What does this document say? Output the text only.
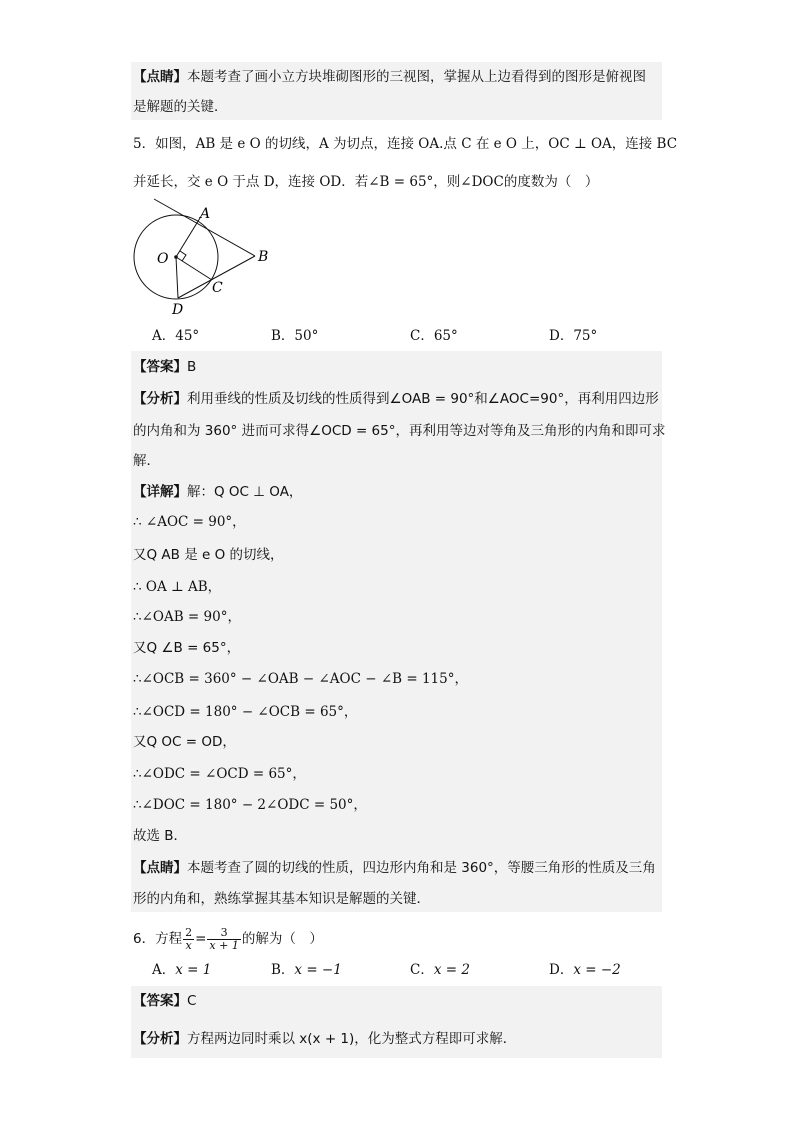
【点睛】本题考查了画小立方块堆砌图形的三视图，掌握从上边看得到的图形是俯视图
是解题的关键．
5．如图，AB 是 e O 的切线，A 为切点，连接 OA.点 C 在 e O 上，OC ⊥ OA，连接 BC
并延长，交 e O 于点 D，连接 OD．若∠B = 65°，则∠DOC的度数为（　）
A
B
C
D
O
A．45°	B．50°	C．65°	D．75°
【答案】B
【分析】利用垂线的性质及切线的性质得到∠OAB = 90°和∠AOC=90°，再利用四边形
的内角和为 360° 进而可求得∠OCD = 65°，再利用等边对等角及三角形的内角和即可求
解．
【详解】解：Q OC ⊥ OA，
∴ ∠AOC = 90°，
又Q AB 是 e O 的切线，
∴ OA ⊥ AB，
∴∠OAB = 90°，
又Q ∠B = 65°，
∴∠OCB = 360° − ∠OAB − ∠AOC − ∠B = 115°，
∴∠OCD = 180° − ∠OCB = 65°，
又Q OC = OD，
∴∠ODC = ∠OCD = 65°，
∴∠DOC = 180° − 2∠ODC = 50°，
故选 B．
【点睛】本题考查了圆的切线的性质，四边形内角和是 360°，等腰三角形的性质及三角
形的内角和，熟练掌握其基本知识是解题的关键．
6．方程 $\frac{2}{x} = \frac{3}{x + 1}$ 的解为（　）
A．x = 1	B．x = −1	C．x = 2	D．x = −2
【答案】C
【分析】方程两边同时乘以 x(x + 1)，化为整式方程即可求解．
